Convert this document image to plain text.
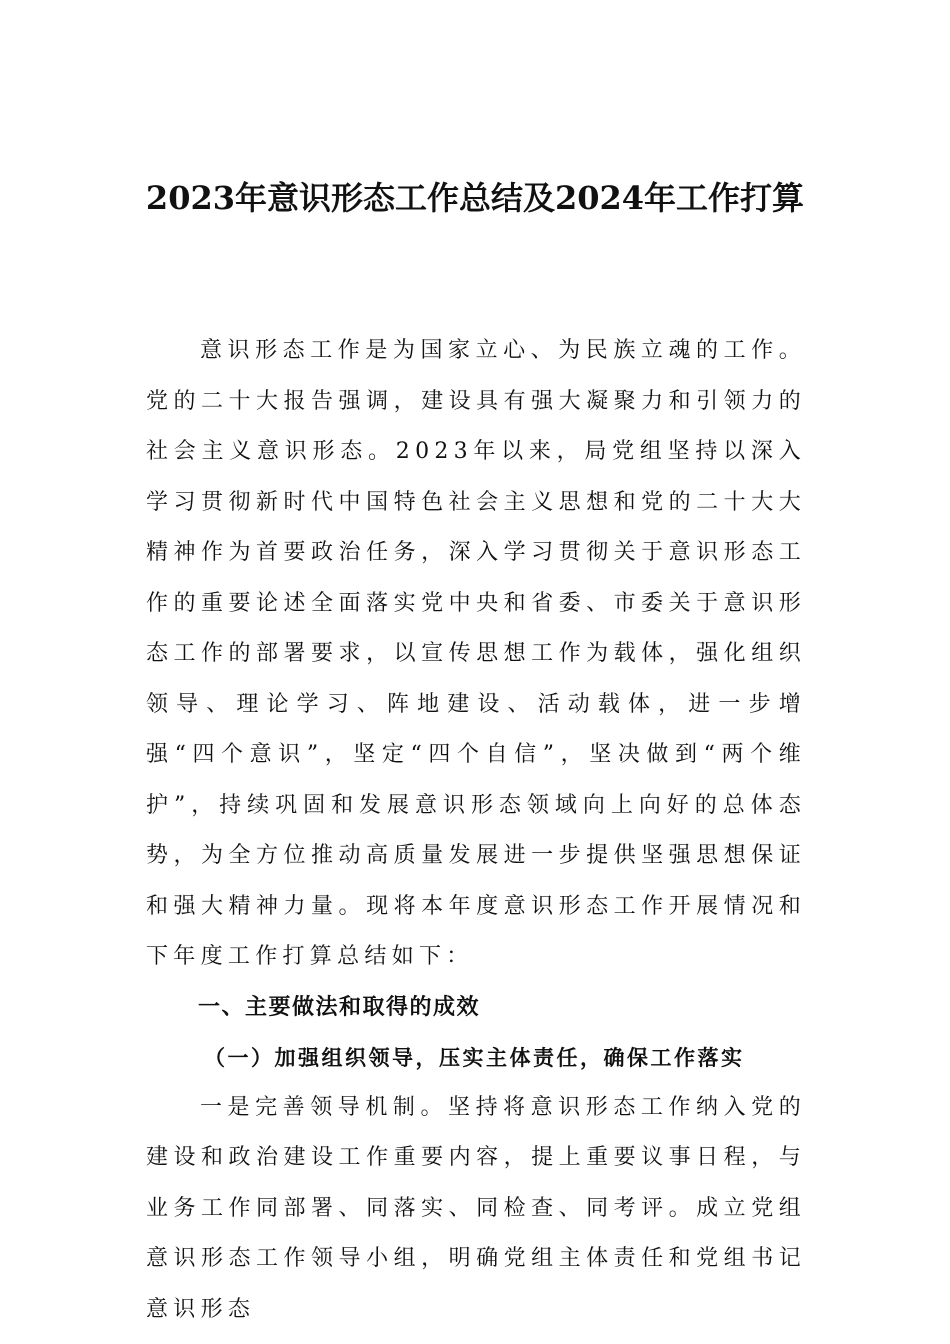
2023年意识形态工作总结及2024年工作打算

意识形态工作是为国家立心、为民族立魂的工作。党的二十大报告强调，建设具有强大凝聚力和引领力的社会主义意识形态。2023年以来，局党组坚持以深入学习贯彻新时代中国特色社会主义思想和党的二十大大精神作为首要政治任务，深入学习贯彻关于意识形态工作的重要论述全面落实党中央和省委、市委关于意识形态工作的部署要求，以宣传思想工作为载体，强化组织领导、理论学习、阵地建设、活动载体，进一步增强“四个意识”，坚定“四个自信”，坚决做到“两个维护”，持续巩固和发展意识形态领域向上向好的总体态势，为全方位推动高质量发展进一步提供坚强思想保证和强大精神力量。现将本年度意识形态工作开展情况和下年度工作打算总结如下：

一、主要做法和取得的成效

（一）加强组织领导，压实主体责任，确保工作落实

一是完善领导机制。坚持将意识形态工作纳入党的建设和政治建设工作重要内容，提上重要议事日程，与业务工作同部署、同落实、同检查、同考评。成立党组意识形态工作领导小组，明确党组主体责任和党组书记意识形态
